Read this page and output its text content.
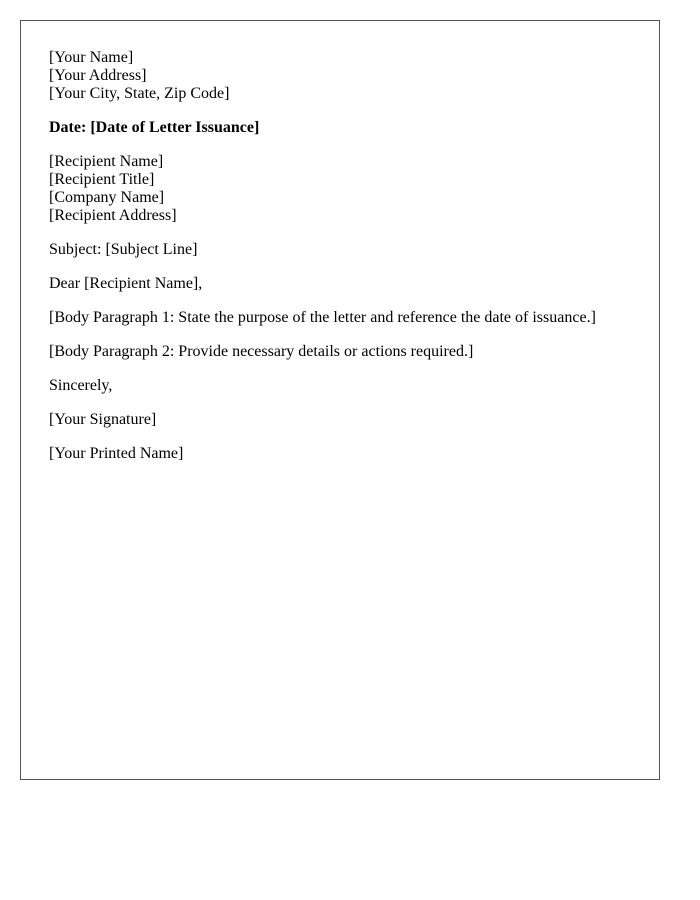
[Your Name]
[Your Address]
[Your City, State, Zip Code]
Date: [Date of Letter Issuance]
[Recipient Name]
[Recipient Title]
[Company Name]
[Recipient Address]
Subject: [Subject Line]
Dear [Recipient Name],
[Body Paragraph 1: State the purpose of the letter and reference the date of issuance.]
[Body Paragraph 2: Provide necessary details or actions required.]
Sincerely,
[Your Signature]
[Your Printed Name]
